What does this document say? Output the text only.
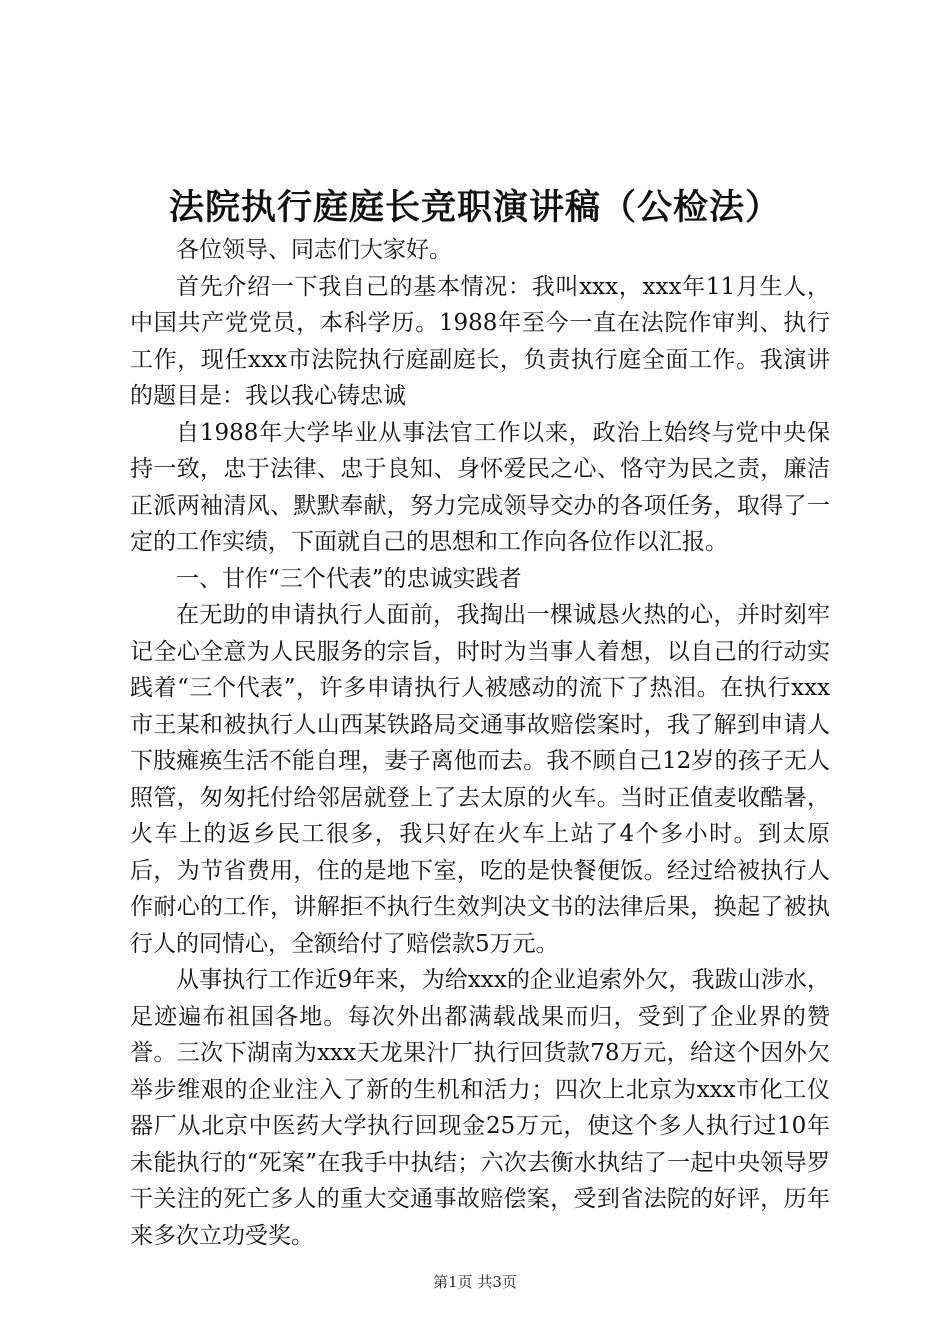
法院执行庭庭长竞职演讲稿（公检法）

各位领导、同志们大家好。

首先介绍一下我自己的基本情况：我叫xxx，xxx年11月生人，中国共产党党员，本科学历。1988年至今一直在法院作审判、执行工作，现任xxx市法院执行庭副庭长，负责执行庭全面工作。我演讲的题目是：我以我心铸忠诚

自1988年大学毕业从事法官工作以来，政治上始终与党中央保持一致，忠于法律、忠于良知、身怀爱民之心、恪守为民之责，廉洁正派两袖清风、默默奉献，努力完成领导交办的各项任务，取得了一定的工作实绩，下面就自己的思想和工作向各位作以汇报。

一、甘作“三个代表”的忠诚实践者

在无助的申请执行人面前，我掏出一棵诚恳火热的心，并时刻牢记全心全意为人民服务的宗旨，时时为当事人着想，以自己的行动实践着“三个代表”，许多申请执行人被感动的流下了热泪。在执行xxx市王某和被执行人山西某铁路局交通事故赔偿案时，我了解到申请人下肢瘫痪生活不能自理，妻子离他而去。我不顾自己12岁的孩子无人照管，匆匆托付给邻居就登上了去太原的火车。当时正值麦收酷暑，火车上的返乡民工很多，我只好在火车上站了4个多小时。到太原后，为节省费用，住的是地下室，吃的是快餐便饭。经过给被执行人作耐心的工作，讲解拒不执行生效判决文书的法律后果，换起了被执行人的同情心，全额给付了赔偿款5万元。

从事执行工作近9年来，为给xxx的企业追索外欠，我跋山涉水，足迹遍布祖国各地。每次外出都满载战果而归，受到了企业界的赞誉。三次下湖南为xxx天龙果汁厂执行回货款78万元，给这个因外欠举步维艰的企业注入了新的生机和活力；四次上北京为xxx市化工仪器厂从北京中医药大学执行回现金25万元，使这个多人执行过10年未能执行的“死案”在我手中执结；六次去衡水执结了一起中央领导罗干关注的死亡多人的重大交通事故赔偿案，受到省法院的好评，历年来多次立功受奖。

第1页 共3页
